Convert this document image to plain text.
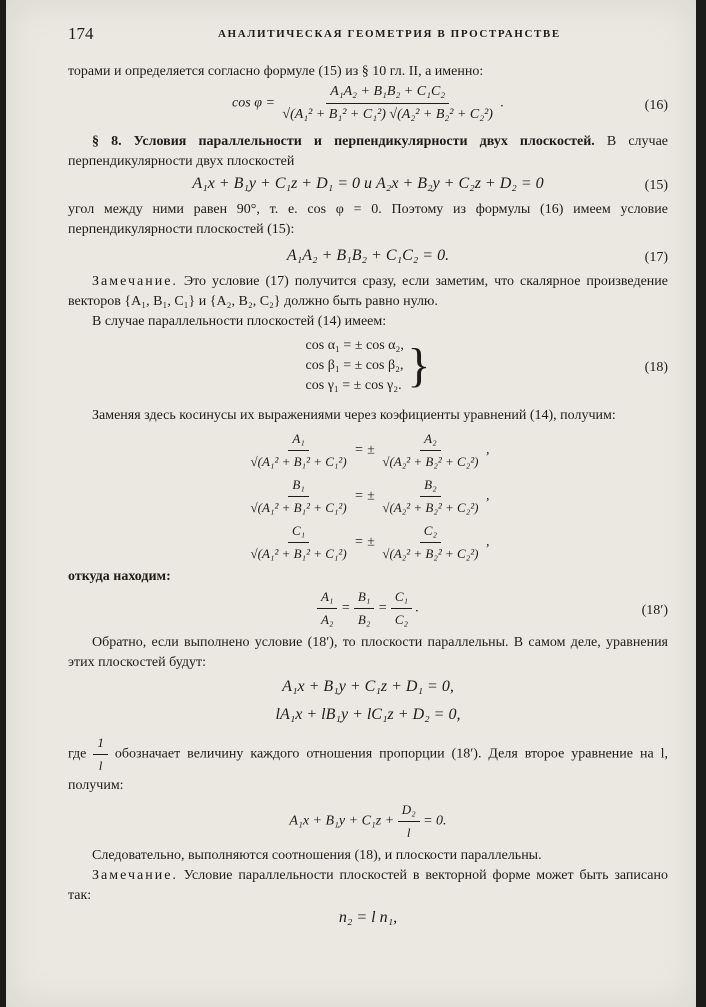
174	АНАЛИТИЧЕСКАЯ ГЕОМЕТРИЯ В ПРОСТРАНСТВЕ

торами и определяется согласно формуле (15) из § 10 гл. II, а именно:

$\cos \varphi = \frac{\text{A₁A₂ + B₁B₂ + C₁C₂}}{\text{√(A₁² + B₁² + C₁²) √(A₂² + B₂² + C₂²)}}$ .	(16)

§ 8. Условия параллельности и перпендикулярности двух плоскостей. В случае перпендикулярности двух плоскостей

A₁x + B₁y + C₁z + D₁ = 0 и A₂x + B₂y + C₂z + D₂ = 0	(15)

угол между ними равен 90°, т. е. cos φ = 0. Поэтому из формулы (16) имеем условие перпендикулярности плоскостей (15):

A₁A₂ + B₁B₂ + C₁C₂ = 0.	(17)

Замечание. Это условие (17) получится сразу, если заметим, что скалярное произведение векторов {A₁, B₁, C₁} и {A₂, B₂, C₂} должно быть равно нулю.

В случае параллельности плоскостей (14) имеем:

cos α₁ = ± cos α₂,
cos β₁ = ± cos β₂,
cos γ₁ = ± cos γ₂. }	(18)

Заменяя здесь косинусы их выражениями через коэфициенты уравнений (14), получим:

$\frac{\text{A₁}}{\text{√(A₁² + B₁² + C₁²)}}$ = ± $\frac{\text{A₂}}{\text{√(A₂² + B₂² + C₂²)}}$ ,
$\frac{\text{B₁}}{\text{√(A₁² + B₁² + C₁²)}}$ = ± $\frac{\text{B₂}}{\text{√(A₂² + B₂² + C₂²)}}$ ,
$\frac{\text{C₁}}{\text{√(A₁² + B₁² + C₁²)}}$ = ± $\frac{\text{C₂}}{\text{√(A₂² + B₂² + C₂²)}}$ ,

откуда находим:

$\frac{\text{A₁}}{\text{A₂}} = \frac{\text{B₁}}{\text{B₂}} = \frac{\text{C₁}}{\text{C₂}}$ .	(18′)

Обратно, если выполнено условие (18′), то плоскости параллельны. В самом деле, уравнения этих плоскостей будут:

A₁x + B₁y + C₁z + D₁ = 0,
lA₁x + lB₁y + lC₁z + D₂ = 0,

где $\frac{1}{l}$ обозначает величину каждого отношения пропорции (18′). Деля второе уравнение на l, получим:

$A_1x + B_1y + C_1z + \frac{\text{D₂}}{l} = 0$.

Следовательно, выполняются соотношения (18), и плоскости параллельны.

Замечание. Условие параллельности плоскостей в векторной форме может быть записано так:

n₂ = l n₁,
